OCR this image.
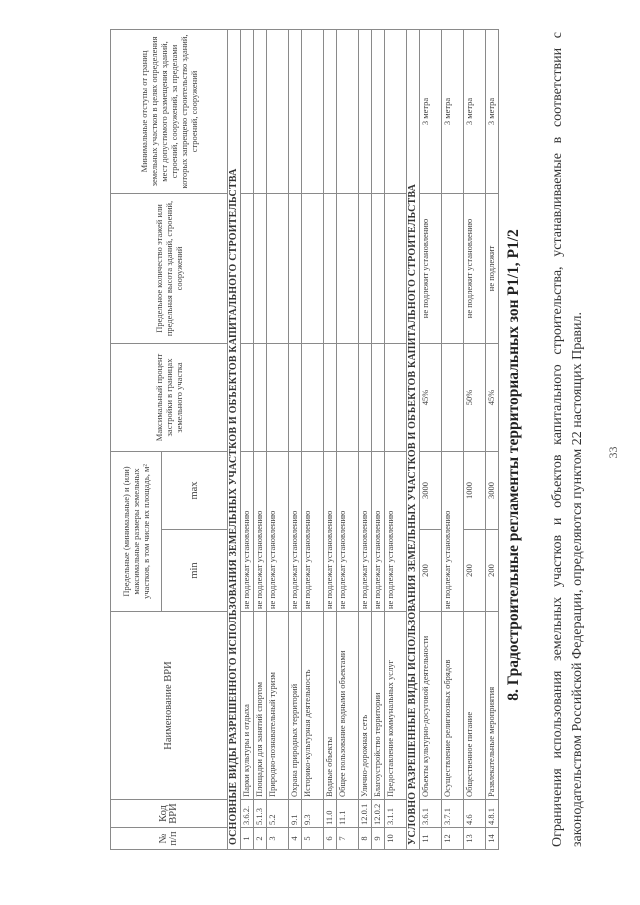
33

Ограничения использования земельных участков и объектов капитального строительства, устанавливаемые в соответствии с законодательством Российской Федерации, определяются пунктом 22 настоящих Правил.

8. Градостроительные регламенты территориальных зон Р1/1, Р1/2
№ п/п	Код ВРИ	Наименование ВРИ	Предельные (минимальные) и (или) максимальные размеры земельных участков, в том числе их площадь, м²		Максимальный процент застройки в границах земельного участка	Предельное количество этажей или предельная высота зданий, строений, сооружений	Минимальные отступы от границ земельных участков в целях определения мест допустимого размещения зданий, строений, сооружений, за пределами которых запрещено строительство зданий, строений, сооружений
			min	max			
ОСНОВНЫЕ ВИДЫ РАЗРЕШЕННОГО ИСПОЛЬЗОВАНИЯ ЗЕМЕЛЬНЫХ УЧАСТКОВ И ОБЪЕКТОВ КАПИТАЛЬНОГО СТРОИТЕЛЬСТВА							
1	3.6.2.	Парки культуры и отдыха	не подлежат установлению				
2	5.1.3	Площадки для занятий спортом	не подлежат установлению				
3	5.2	Природно-познавательный туризм	не подлежат установлению				
4	9.1	Охрана природных территорий	не подлежат установлению				
5	9.3	Историко-культурная деятельность	не подлежат установлению				
6	11.0	Водные объекты	не подлежат установлению				
7	11.1	Общее пользование водными объектами	не подлежат установлению				
8	12.0.1	Улично-дорожная сеть	не подлежат установлению				
9	12.0.2	Благоустройство территории	не подлежат установлению				
10	3.1.1	Предоставление коммунальных услуг	не подлежат установлению				
УСЛОВНО РАЗРЕШЕННЫЕ ВИДЫ ИСПОЛЬЗОВАНИЯ ЗЕМЕЛЬНЫХ УЧАСТКОВ И ОБЪЕКТОВ КАПИТАЛЬНОГО СТРОИТЕЛЬСТВА							
11	3.6.1	Объекты культурно-досуговой деятельности	200	3000	45%	не подлежит установлению	3 метра
12	3.7.1	Осуществление религиозных обрядов	не подлежат установлению				3 метра
13	4.6	Общественное питание	200	1000	50%	не подлежит установлению	3 метра
14	4.8.1	Развлекательные мероприятия	200	3000	45%	не подлежит	3 метра
